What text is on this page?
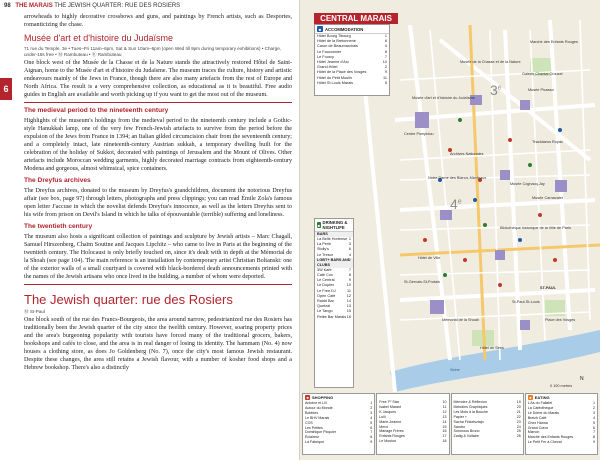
98 THE MARAIS THE JEWISH QUARTER: RUE DES ROSIERS
6

arrowheads to highly decorative crossbows and guns, and paintings by French artists, such as Desportes, romanticizing the chase.

Musée d'art et d'histoire du Judaïsme
71 rue du Temple, 3e • Tues–Fri 11am–6pm, Sat & Sun 10am–6pm (open Wed till 9pm during temporary exhibitions) • Charge, under-18s free • Ⓜ Rambuteau • Ⓡ Rambuteau

One block west of the Musée de la Chasse et de la Nature stands the attractively restored Hôtel de Saint-Aignan, home to the Musée d'art et d'histoire du Judaïsme. The museum traces the culture, history and artistic endeavours mainly of the Jews in France, though there are also many artefacts from the rest of Europe and North Africa. The result is a very comprehensive collection, as educational as it is beautiful. Free audio guides in English are available and worth picking up if you want to get the most out of the museum.

The medieval period to the nineteenth century

Highlights of the museum's holdings from the medieval period to the nineteenth century include a Gothic-style Hanukkah lamp, one of the very few French-Jewish artefacts to survive from the period before the expulsion of the Jews from France in 1394; an Italian gilded circumcision chair from the seventeenth century; and a completely intact, late nineteenth-century Austrian sukkah, a temporary dwelling built for the celebration of the holiday of Sukkot, decorated with paintings of Jerusalem and the Mount of Olives. Other artefacts include Moroccan wedding garments, highly decorated marriage contracts from eighteenth-century Modena and gorgeous, almost whimsical, spice containers.

The Dreyfus archives

The Dreyfus archives, donated to the museum by Dreyfus's grandchildren, document the notorious Dreyfus affair (see box, page 97) through letters, photographs and press clippings; you can read Émile Zola's famous open letter J'accuse in which the novelist defends Dreyfus's innocence, as well as the letters Dreyfus sent to his wife from prison on Devil's Island in which he talks of épouvantable (terrible) suffering and loneliness.

The twentieth century

The museum also hosts a significant collection of paintings and sculpture by Jewish artists – Marc Chagall, Samuel Hirszenberg, Chaïm Soutine and Jacques Lipchitz – who came to live in Paris at the beginning of the twentieth century. The Holocaust is only briefly touched on, since it's dealt with in depth at the Mémorial de la Shoah (see page 104). The main reference is an installation by contemporary artist Christian Boltanski: one of the exterior walls of a small courtyard is covered with black-bordered death announcements printed with the names of the Jewish artisans who once lived in the building, a number of whom were deported.

The Jewish quarter: rue des Rosiers
Ⓜ St-Paul

One block south of the rue des Francs-Bourgeois, the area around narrow, pedestrianized rue des Rosiers has traditionally been the Jewish quarter of the city since the twelfth century. However, soaring property prices and the area's burgeoning popularity with tourists have forced many of the traditional grocers, bakers, bookshops and cafés to close, and the area is in real danger of losing its identity. The hammam (No. 4) now houses a clothing store, as does Jo Goldenberg (No. 7), once the city's most famous Jewish restaurant. Despite these changes, the area still retains a Jewish flavour, with a number of kosher food shops and a Hebrew bookshop. There's also a distinctly

CENTRAL MARAIS
3e
4e
Musée Picasso
Musée de la Chasse et de la Nature
Centre Pompidou
Hôtel de Ville
Place des Vosges
Musée Carnavalet
Musée d'art et d'histoire du Judaïsme
Mémorial de la Shoah
Archives Nationales
Notre-Dame des Blancs-Manteaux
St-Gervais-St-Protais
Musée Cognacq-Jay
Bibliothèque historique de la Ville de Paris
Hôtel de Sens
St-Paul-St-Louis
Marché des Enfants Rouges
Galerie Chantal Crousel
Thaddaeus Ropac
ST-PAUL
Seine
N
0 100 metres
■ ACCOMMODATION
Hôtel Bourg Tibourg	1
Hôtel de la Bretonnerie	6
Caron de Beaumarchais	4
Le Fauconnier	8
Le Fourcy	7
Hôtel Jeanne d'Arc	10
Grand Hôtel	2
Hôtel de la Place des Vosges	9
Hôtel du Petit Moulin	11
Hôtel St Louis Marais	5
■ DRINKING & NIGHTLIFE
BARS
La Belle Hortense 1
La Perle	3
Stolly's	6
Le Trésor	4
LGBT+ BARS AND CLUBS
3W Kafé	7
Café Cox	8
Le Central	9
Le Duplex	10
Le Free DJ	11
Open Café	12
Raidd Bar	14
Quetzal	13
Le Tango	15
Petite Bar Marais 16
■ SHOPPING
Antoine et Lili	1
Autour du Monde	2
Bobbies	3
Le BHV Marais	4
COS	5
Les Petites	6
Dominique Picquier	7
Éclaireur	8
La Fabrique	9
Free 'P' Star	10
Isabel Marant	11
K Jacques	12
Lulli	13
Marie-Jeanne	14
Merci	15
Mariage Frères	16
Enfants Rouges	17
Le Mouton	18
Mémoire & Réflexion	19
Melodies Graphiques	20
Les Mots à la Bouche	21
Papier +	22
Sacha Finkelsztajn	23
Sandro	24
Sonorous Bruno	25
Zadig & Voltaire	26
■ EATING
L'As du Fallafel	1
La Caféothèque	2
Le Dôme du Marais	3
Breizh Café	4
Chez Hanna	5
Grand Cœur	6
Miznon	7
Marché des Enfants Rouges	8
Le Petit Fer à Cheval	9
